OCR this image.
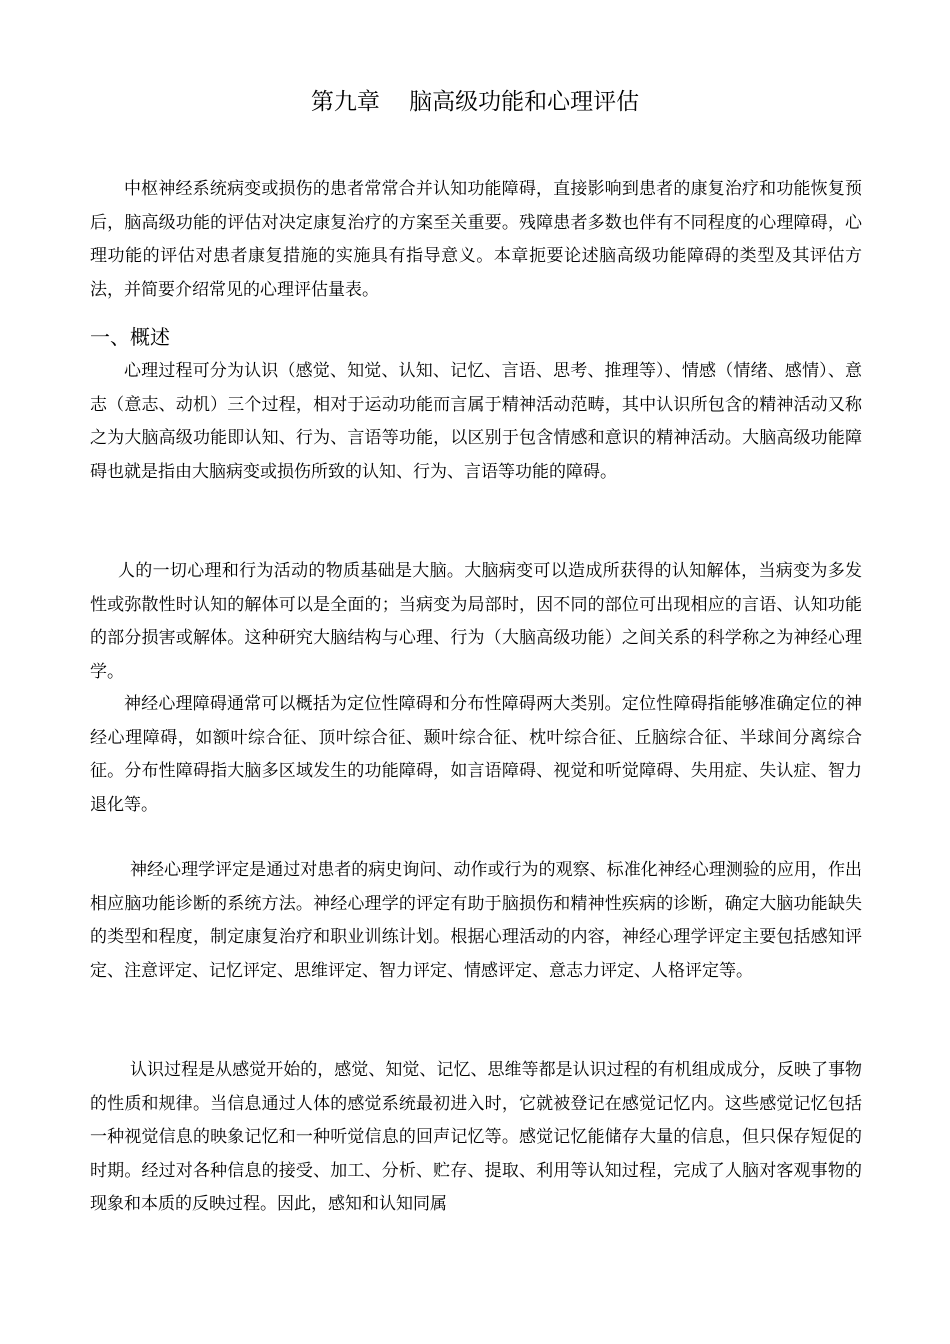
第九章    脑高级功能和心理评估

中枢神经系统病变或损伤的患者常常合并认知功能障碍，直接影响到患者的康复治疗和功能恢复预后，脑高级功能的评估对决定康复治疗的方案至关重要。残障患者多数也伴有不同程度的心理障碍，心理功能的评估对患者康复措施的实施具有指导意义。本章扼要论述脑高级功能障碍的类型及其评估方法，并简要介绍常见的心理评估量表。

一、概述

心理过程可分为认识（感觉、知觉、认知、记忆、言语、思考、推理等）、情感（情绪、感情）、意志（意志、动机）三个过程，相对于运动功能而言属于精神活动范畴，其中认识所包含的精神活动又称之为大脑高级功能即认知、行为、言语等功能，以区别于包含情感和意识的精神活动。大脑高级功能障碍也就是指由大脑病变或损伤所致的认知、行为、言语等功能的障碍。

人的一切心理和行为活动的物质基础是大脑。大脑病变可以造成所获得的认知解体，当病变为多发性或弥散性时认知的解体可以是全面的；当病变为局部时，因不同的部位可出现相应的言语、认知功能的部分损害或解体。这种研究大脑结构与心理、行为（大脑高级功能）之间关系的科学称之为神经心理学。

神经心理障碍通常可以概括为定位性障碍和分布性障碍两大类别。定位性障碍指能够准确定位的神经心理障碍，如额叶综合征、顶叶综合征、颞叶综合征、枕叶综合征、丘脑综合征、半球间分离综合征。分布性障碍指大脑多区域发生的功能障碍，如言语障碍、视觉和听觉障碍、失用症、失认症、智力退化等。

神经心理学评定是通过对患者的病史询问、动作或行为的观察、标准化神经心理测验的应用，作出相应脑功能诊断的系统方法。神经心理学的评定有助于脑损伤和精神性疾病的诊断，确定大脑功能缺失的类型和程度，制定康复治疗和职业训练计划。根据心理活动的内容，神经心理学评定主要包括感知评定、注意评定、记忆评定、思维评定、智力评定、情感评定、意志力评定、人格评定等。

认识过程是从感觉开始的，感觉、知觉、记忆、思维等都是认识过程的有机组成成分，反映了事物的性质和规律。当信息通过人体的感觉系统最初进入时，它就被登记在感觉记忆内。这些感觉记忆包括一种视觉信息的映象记忆和一种听觉信息的回声记忆等。感觉记忆能储存大量的信息，但只保存短促的时期。经过对各种信息的接受、加工、分析、贮存、提取、利用等认知过程，完成了人脑对客观事物的现象和本质的反映过程。因此，感知和认知同属
